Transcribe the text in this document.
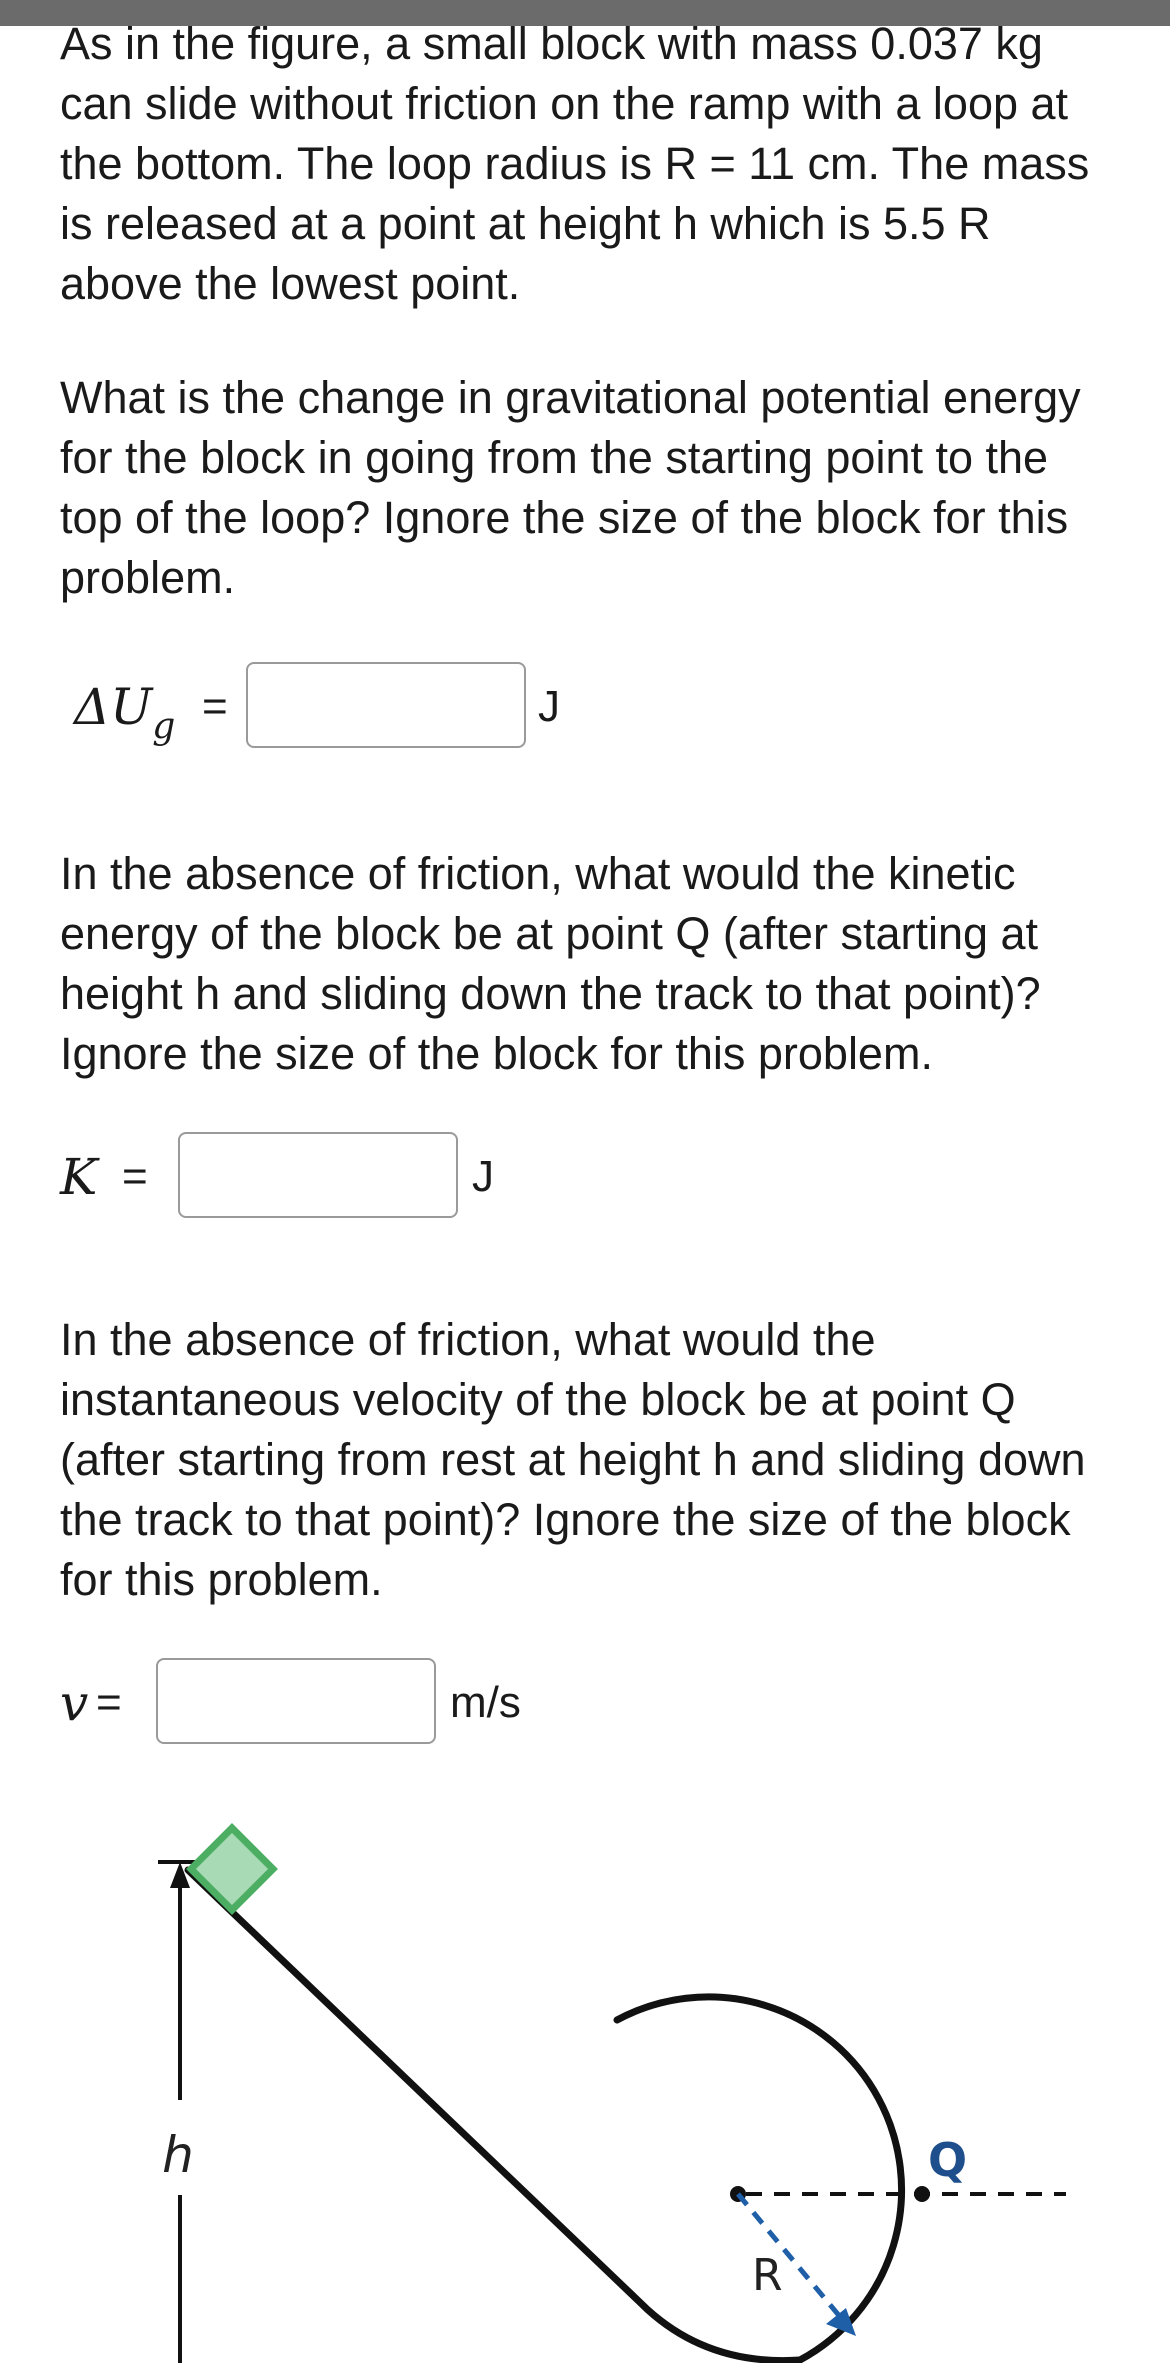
As in the figure, a small block with mass 0.037 kg can slide without friction on the ramp with a loop at the bottom. The loop radius is R = 11 cm. The mass is released at a point at height h which is 5.5 R above the lowest point.

What is the change in gravitational potential energy for the block in going from the starting point to the top of the loop? Ignore the size of the block for this problem.

$\Delta U_g$ =	J

In the absence of friction, what would the kinetic energy of the block be at point Q (after starting at height h and sliding down the track to that point)? Ignore the size of the block for this problem.

K =	J

In the absence of friction, what would the instantaneous velocity of the block be at point Q (after starting from rest at height h and sliding down the track to that point)? Ignore the size of the block for this problem.

v =	m/s
h	Q
R
